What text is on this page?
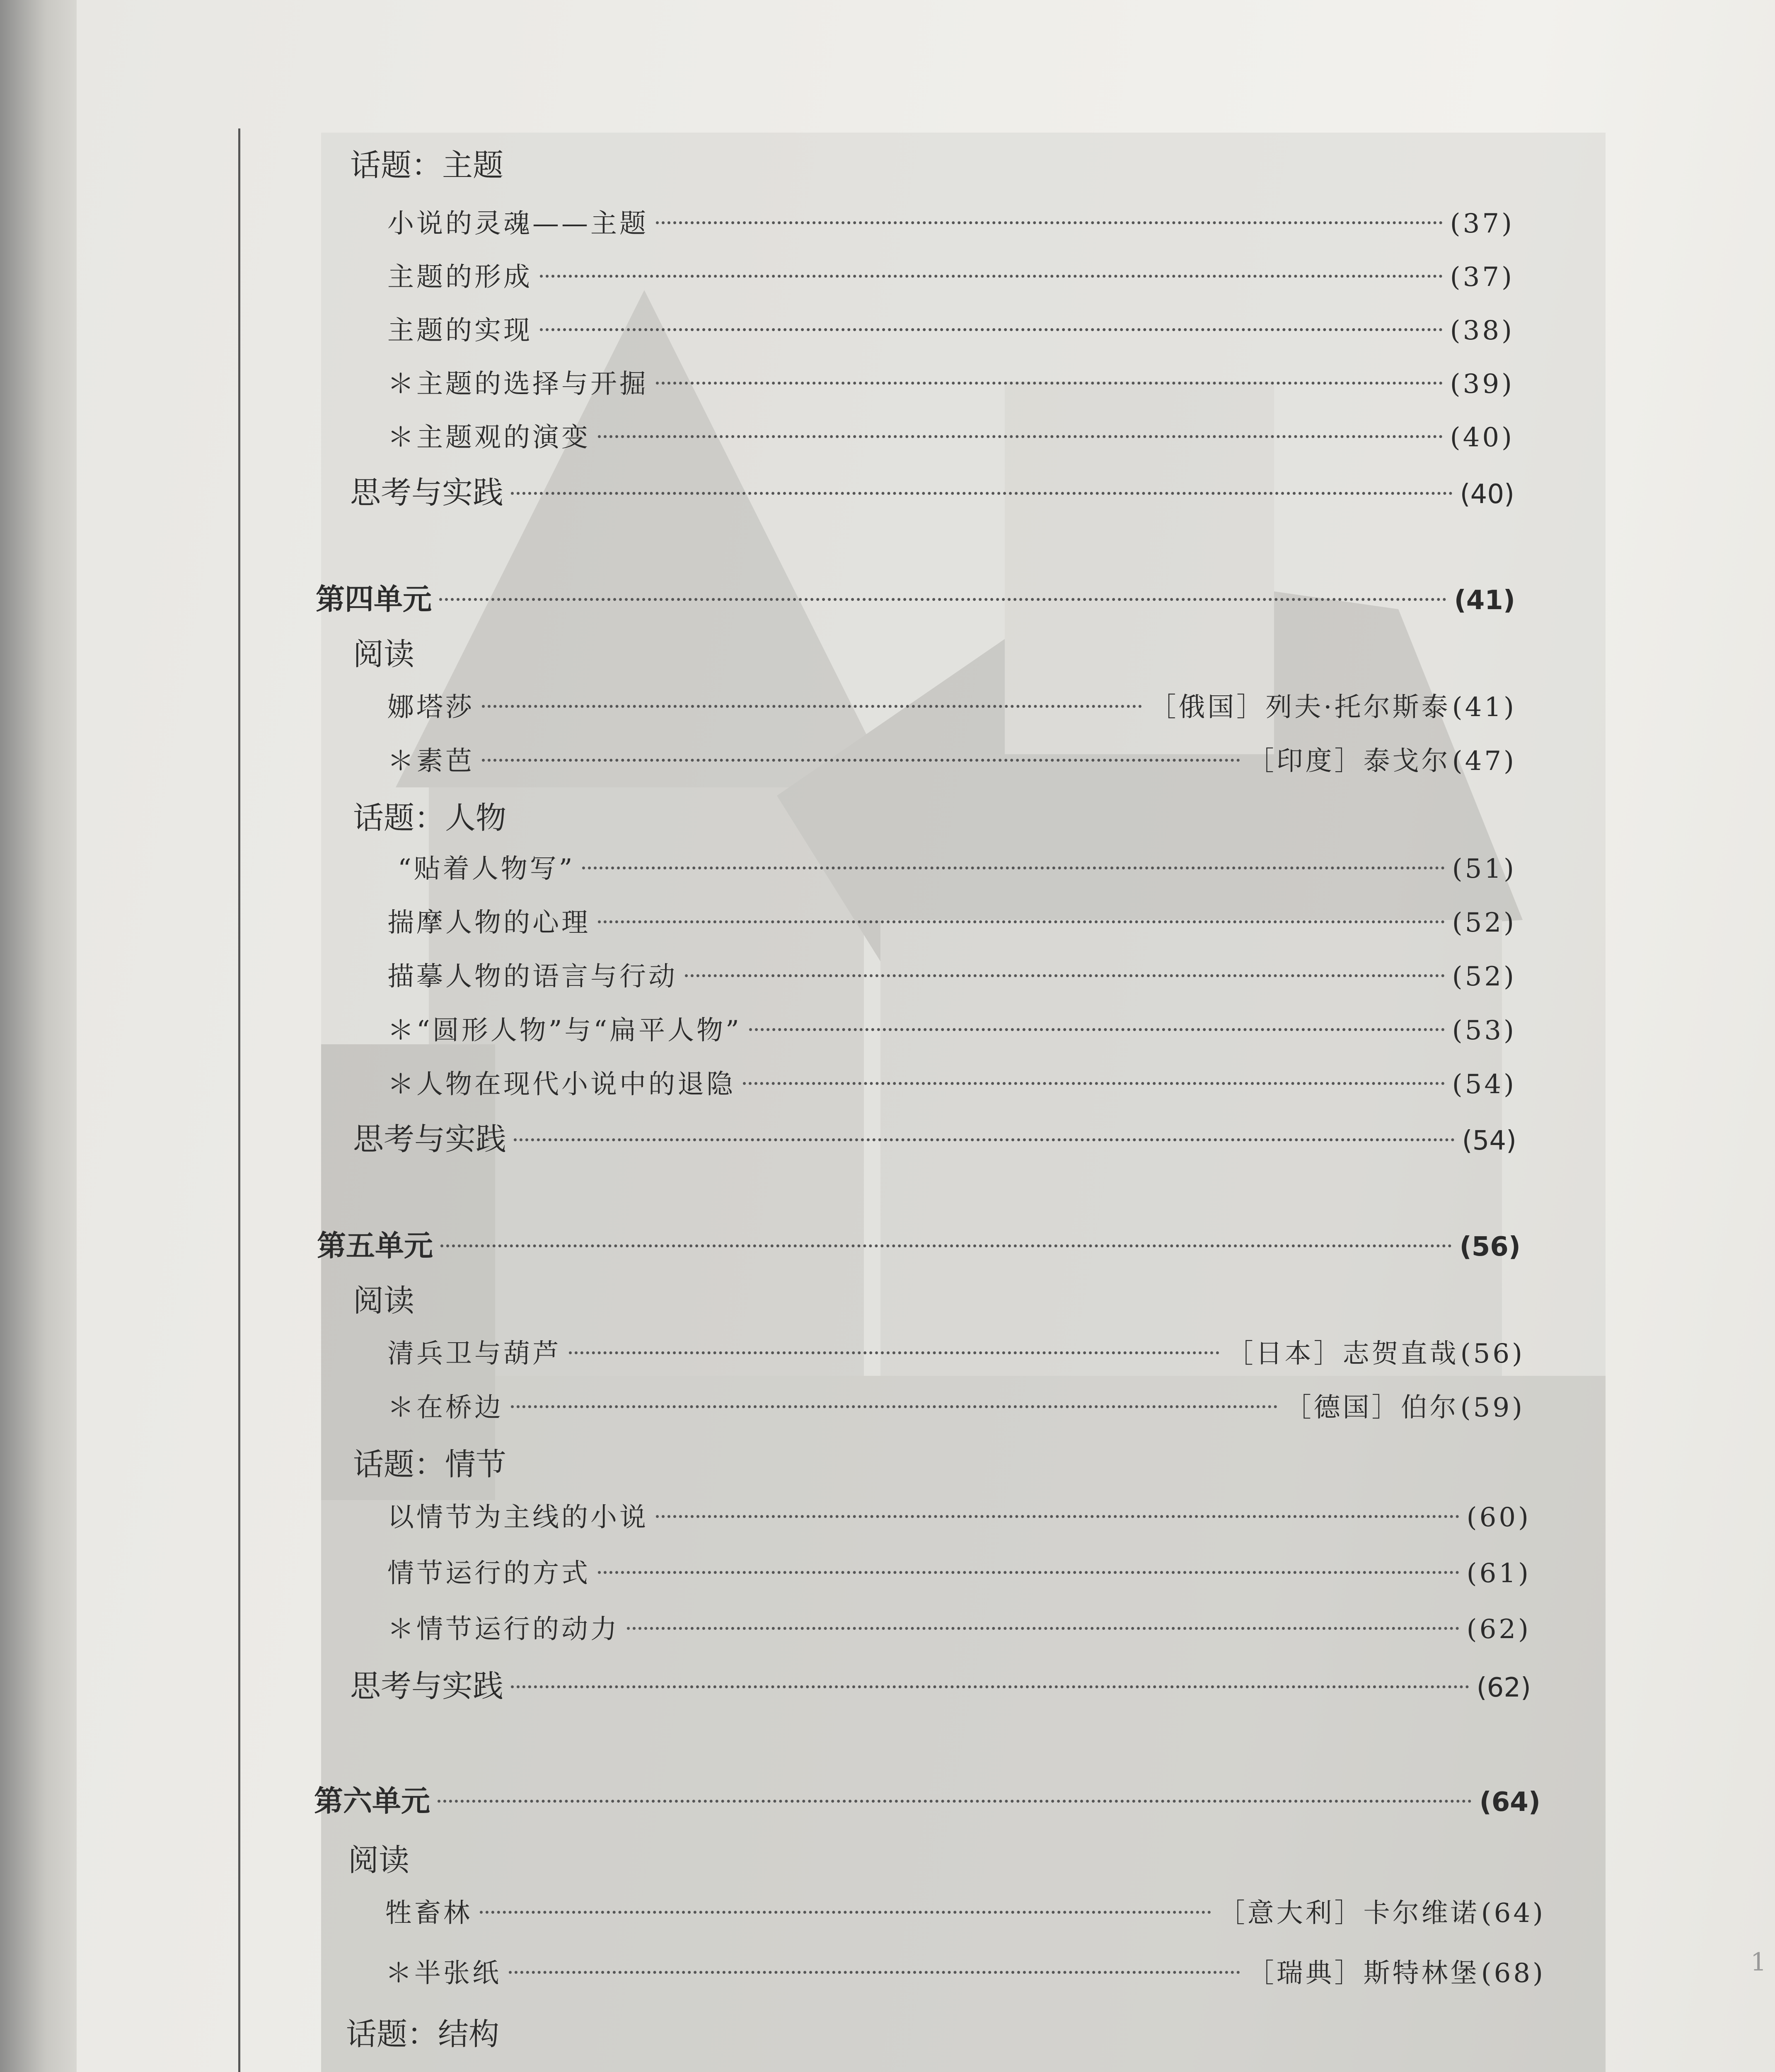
1
话题：主题
小说的灵魂——主题	(37)
主题的形成	(37)
主题的实现	(38)
＊主题的选择与开掘	(39)
＊主题观的演变	(40)
思考与实践	(40)
第四单元	(41)
阅读
娜塔莎	［俄国］列夫·托尔斯泰 (41)
＊素芭	［印度］泰戈尔 (47)
话题：人物
“贴着人物写”	(51)
揣摩人物的心理	(52)
描摹人物的语言与行动	(52)
＊“圆形人物”与“扁平人物”	(53)
＊人物在现代小说中的退隐	(54)
思考与实践	(54)
第五单元	(56)
阅读
清兵卫与葫芦	［日本］志贺直哉 (56)
＊在桥边	［德国］伯尔 (59)
话题：情节
以情节为主线的小说	(60)
情节运行的方式	(61)
＊情节运行的动力	(62)
思考与实践	(62)
第六单元	(64)
阅读
牲畜林	［意大利］卡尔维诺 (64)
＊半张纸	［瑞典］斯特林堡 (68)
话题：结构
